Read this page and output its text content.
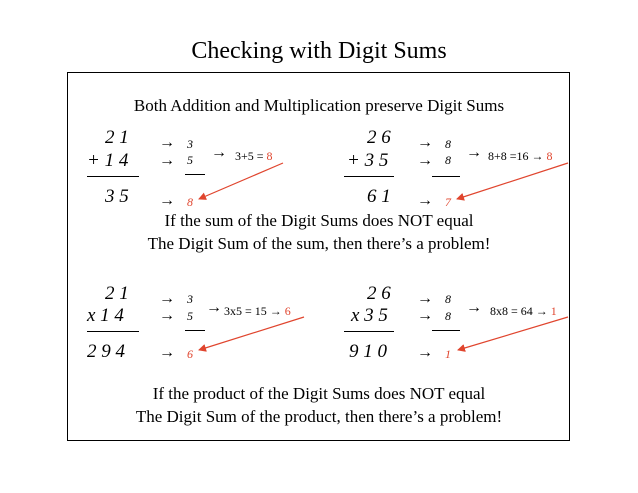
Checking with Digit Sums
Both Addition and Multiplication preserve Digit Sums
2 1
+ 1 4
3 5
→
→
→
3
5
8
→ 3+5 = 8
2 6
+ 3 5
6 1
→
→
→
8
8
7
→ 8+8 =16 → 8
If the sum of the Digit Sums does NOT equal
The Digit Sum of the sum, then there’s a problem!
2 1
x 1 4
2 9 4
→
→
→
3
5
6
→ 3x5 = 15 → 6
2 6
x 3 5
9 1 0
→
→
→
8
8
1
→ 8x8 = 64 → 1
If the product of the Digit Sums does NOT equal
The Digit Sum of the product, then there’s a problem!
